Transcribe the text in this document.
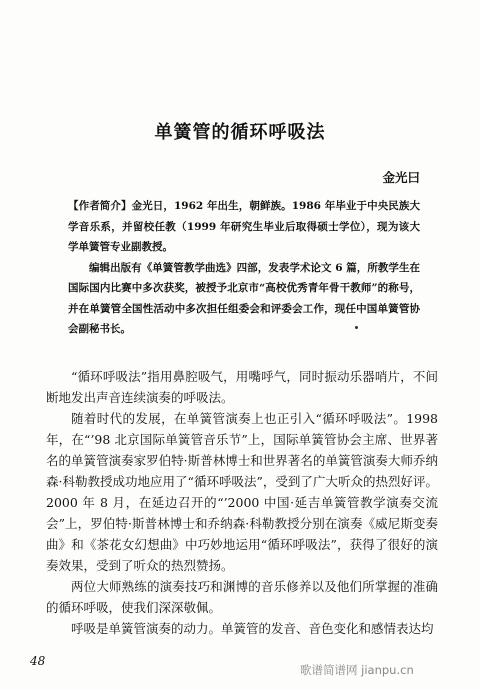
单簧管的循环呼吸法
金光曰

【作者简介】金光日，1962 年出生，朝鲜族。1986 年毕业于中央民族大学音乐系，并留校任教（1999 年研究生毕业后取得硕士学位），现为该大学单簧管专业副教授。

编辑出版有《单簧管教学曲选》四部，发表学术论文 6 篇，所教学生在国际国内比赛中多次获奖，被授予北京市“高校优秀青年骨干教师”的称号，并在单簧管全国性活动中多次担任组委会和评委会工作，现任中国单簧管协会副秘书长。

“循环呼吸法”指用鼻腔吸气，用嘴呼气，同时振动乐器哨片，不间断地发出声音连续演奏的呼吸法。

随着时代的发展，在单簧管演奏上也正引入“循环呼吸法”。1998 年，在“’98 北京国际单簧管音乐节”上，国际单簧管协会主席、世界著名的单簧管演奏家罗伯特·斯普林博士和世界著名的单簧管演奏大师乔纳森·科勒教授成功地应用了“循环呼吸法”，受到了广大听众的热烈好评。2000 年 8 月，在延边召开的“’2000 中国·延吉单簧管教学演奏交流会”上，罗伯特·斯普林博士和乔纳森·科勒教授分别在演奏《威尼斯变奏曲》和《茶花女幻想曲》中巧妙地运用“循环呼吸法”，获得了很好的演奏效果，受到了听众的热烈赞扬。

两位大师熟练的演奏技巧和渊博的音乐修养以及他们所掌握的准确的循环呼吸，使我们深深敬佩。

呼吸是单簧管演奏的动力。单簧管的发音、音色变化和感情表达均

48
歌谱简谱网 jianpu.cn
